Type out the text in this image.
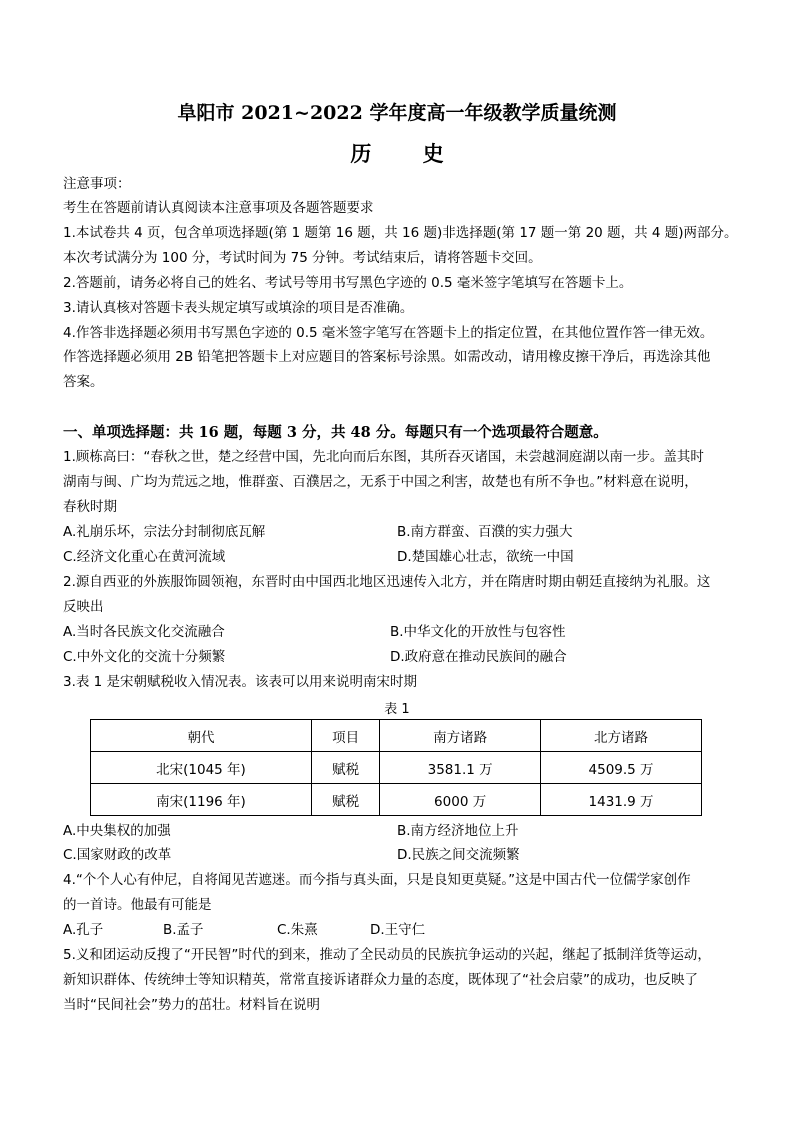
阜阳市 2021~2022 学年度高一年级教学质量统测
历 史
注意事项：
考生在答题前请认真阅读本注意事项及各题答题要求
1.本试卷共 4 页，包含单项选择题(第 1 题第 16 题，共 16 题)非选择题(第 17 题一第 20 题，共 4 题)两部分。
本次考试满分为 100 分，考试时间为 75 分钟。考试结束后，请将答题卡交回。
2.答题前，请务必将自己的姓名、考试号等用书写黑色字迹的 0.5 毫米签字笔填写在答题卡上。
3.请认真核对答题卡表头规定填写或填涂的项目是否准确。
4.作答非选择题必须用书写黑色字迹的 0.5 毫米签字笔写在答题卡上的指定位置，在其他位置作答一律无效。
作答选择题必须用 2B 铅笔把答题卡上对应题目的答案标号涂黑。如需改动，请用橡皮擦干净后，再选涂其他
答案。
一、单项选择题：共 16 题，每题 3 分，共 48 分。每题只有一个选项最符合题意。
1.顾栋高曰：“春秋之世，楚之经营中国，先北向而后东图，其所吞灭诸国，未尝越洞庭湖以南一步。盖其时
湖南与闽、广均为荒远之地，惟群蛮、百濮居之，无系于中国之利害，故楚也有所不争也。”材料意在说明，
春秋时期
A.礼崩乐坏，宗法分封制彻底瓦解	B.南方群蛮、百濮的实力强大
C.经济文化重心在黄河流域	D.楚国雄心壮志，欲统一中国
2.源自西亚的外族服饰圆领袍，东晋时由中国西北地区迅速传入北方，并在隋唐时期由朝廷直接纳为礼服。这
反映出
A.当时各民族文化交流融合	B.中华文化的开放性与包容性
C.中外文化的交流十分频繁	D.政府意在推动民族间的融合
3.表 1 是宋朝赋税收入情况表。该表可以用来说明南宋时期
表 1
朝代	项目	南方诸路	北方诸路
北宋(1045 年)	赋税	3581.1 万	4509.5 万
南宋(1196 年)	赋税	6000 万	1431.9 万
A.中央集权的加强	B.南方经济地位上升
C.国家财政的改革	D.民族之间交流频繁
4.“个个人心有仲尼，自将闻见苦遮迷。而今指与真头面，只是良知更莫疑。”这是中国古代一位儒学家创作
的一首诗。他最有可能是
A.孔子	B.孟子	C.朱熹	D.王守仁
5.义和团运动反搜了“开民智”时代的到来，推动了全民动员的民族抗争运动的兴起，继起了抵制洋货等运动，
新知识群体、传统绅士等知识精英，常常直接诉诸群众力量的态度，既体现了“社会启蒙”的成功，也反映了
当时“民间社会”势力的茁壮。材料旨在说明
